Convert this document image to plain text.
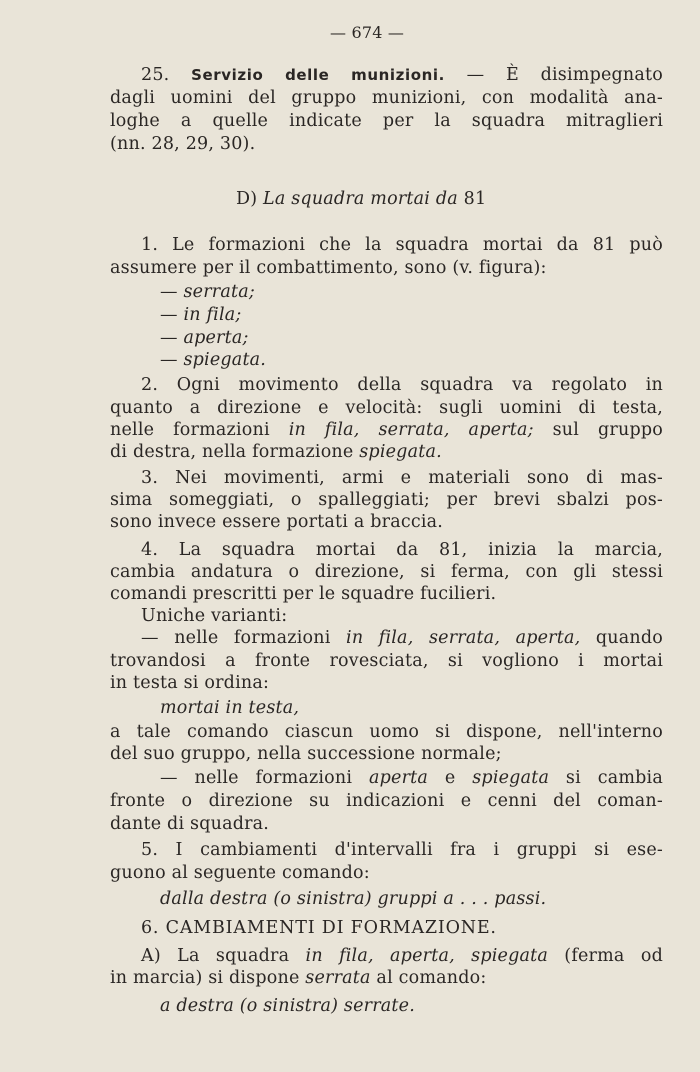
— 674 —
25. Servizio delle munizioni. — È disimpegnato
dagli uomini del gruppo munizioni, con modalità ana-
loghe a quelle indicate per la squadra mitraglieri
(nn. 28, 29, 30).
D) La squadra mortai da 81
1. Le formazioni che la squadra mortai da 81 può
assumere per il combattimento, sono (v. figura):
— serrata;
— in fila;
— aperta;
— spiegata.
2. Ogni movimento della squadra va regolato in
quanto a direzione e velocità: sugli uomini di testa,
nelle formazioni in fila, serrata, aperta; sul gruppo
di destra, nella formazione spiegata.
3. Nei movimenti, armi e materiali sono di mas-
sima someggiati, o spalleggiati; per brevi sbalzi pos-
sono invece essere portati a braccia.
4. La squadra mortai da 81, inizia la marcia,
cambia andatura o direzione, si ferma, con gli stessi
comandi prescritti per le squadre fucilieri.
Uniche varianti:
— nelle formazioni in fila, serrata, aperta, quando
trovandosi a fronte rovesciata, si vogliono i mortai
in testa si ordina:
mortai in testa,
a tale comando ciascun uomo si dispone, nell'interno
del suo gruppo, nella successione normale;
— nelle formazioni aperta e spiegata si cambia
fronte o direzione su indicazioni e cenni del coman-
dante di squadra.
5. I cambiamenti d'intervalli fra i gruppi si ese-
guono al seguente comando:
dalla destra (o sinistra) gruppi a . . . passi.
6. CAMBIAMENTI DI FORMAZIONE.
A) La squadra in fila, aperta, spiegata (ferma od
in marcia) si dispone serrata al comando:
a destra (o sinistra) serrate.
